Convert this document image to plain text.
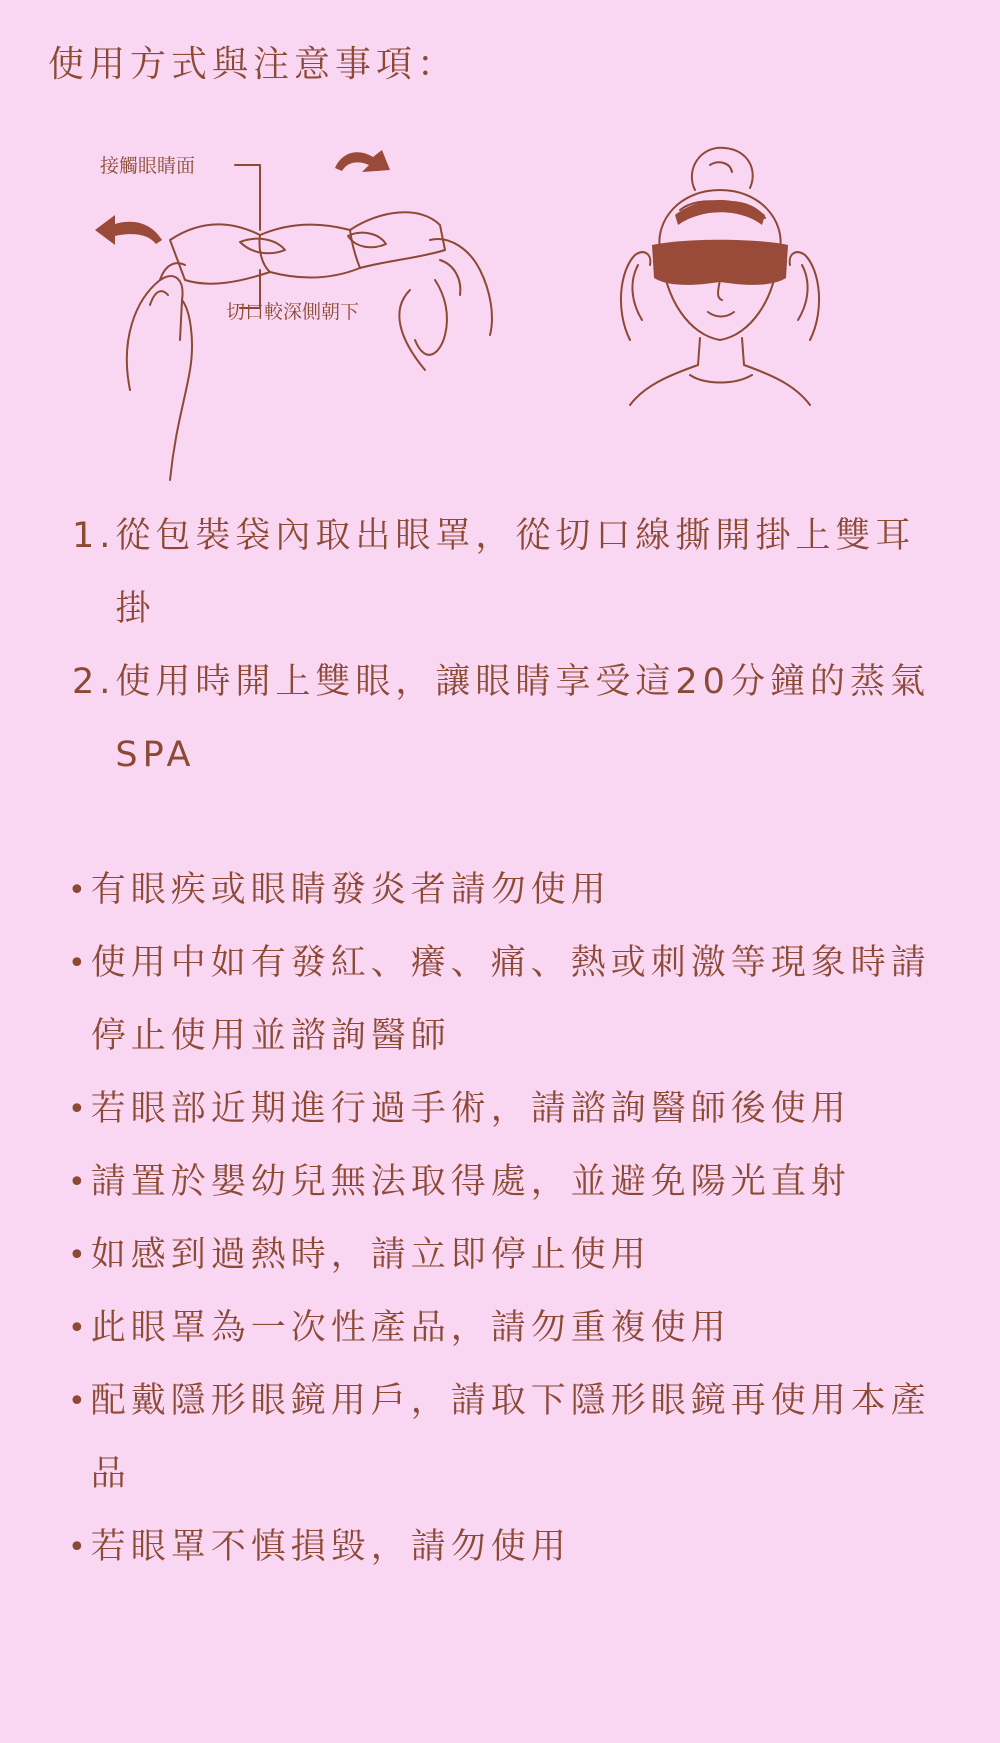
使用方式與注意事項：
接觸眼睛面
切口較深側朝下
1. 從包裝袋內取出眼罩，從切口線撕開掛上雙耳掛
2. 使用時開上雙眼，讓眼睛享受這20分鐘的蒸氣SPA
• 有眼疾或眼睛發炎者請勿使用
• 使用中如有發紅、癢、痛、熱或刺激等現象時請停止使用並諮詢醫師
• 若眼部近期進行過手術，請諮詢醫師後使用
• 請置於嬰幼兒無法取得處，並避免陽光直射
• 如感到過熱時，請立即停止使用
• 此眼罩為一次性產品，請勿重複使用
• 配戴隱形眼鏡用戶，請取下隱形眼鏡再使用本產品
• 若眼罩不慎損毀，請勿使用
